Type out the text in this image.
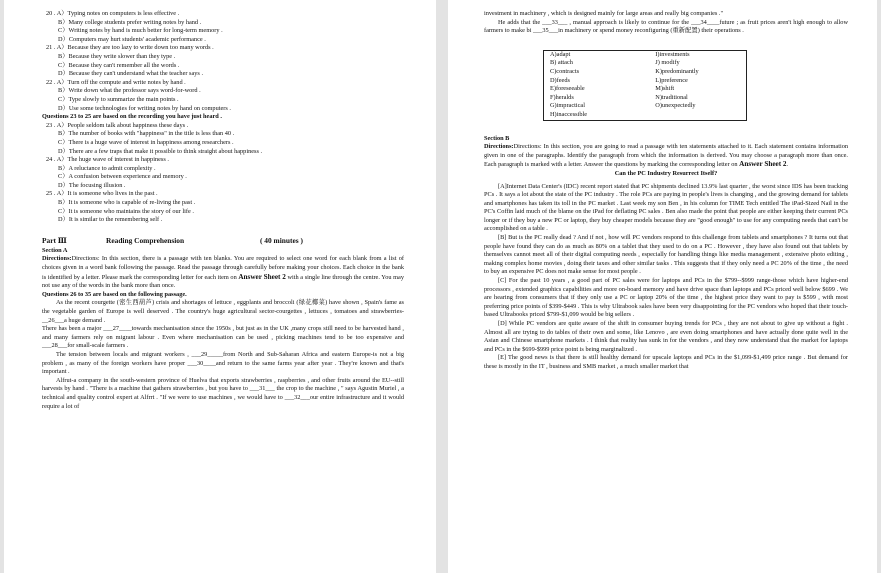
20 . A）Typing notes on computers is less effective .
B）Many college students prefer writing notes by hand .
C）Writing notes by hand is much better for long-term memory .
D）Computers may hurt students' academic performance .
21 . A）Because they are too lazy to write down too many words .
B）Because they write slower than they type .
C）Because they can't remember all the words .
D）Because they can't understand what the teacher says .
22 . A）Turn off the compute and write notes by hand .
B）Write down what the professor says word-for-word .
C）Type slowly to summarize the main points .
D）Use some technologies for writing notes by hand on computers .
Questions 23 to 25 are based on the recording you have just heard .
23 . A）People seldom talk about happiness these days .
B）The number of books with "happiness" in the title is less than 40 .
C）There is a huge wave of interest in happiness among researchers .
D）There are a few traps that make it possible to think straight about happiness .
24 . A）The huge wave of interest in happiness .
B）A reluctance to admit complexity .
C）A confusion between experience and memory .
D）The focusing illusion .
25 . A）It is someone who lives in the past .
B）It is someone who is capable of re-living the past .
C）It is someone who maintains the story of our life .
D）It is similar to the remembering self .
Part Ⅲ	Reading Comprehension	( 40 minutes )
Section A

Directions:Directions: In this section, there is a passage with ten blanks. You are required to select one word for each blank from a list of choices given in a word bank following the passage. Read the passage through carefully before making your choices. Each choice in the bank is identified by a letter. Please mark the corresponding letter for each item on Answer Sheet 2 with a single line through the centre. You may not use any of the words in the bank more than once.

Questions 26 to 35 are based on the following passage.

As the recent courgette (密生西葫芦) crisis and shortages of lettuce , eggplants and broccoli (绿花椰菜) have shown , Spain's fame as the vegetable garden of Europe is well deserved . The country's huge agricultural sector-courgettes , lettuces , tomatoes and strawberries-__26___a huge demand .

There has been a major ___27____towards mechanisation since the 1950s , but just as in the UK ,many crops still need to be harvested hand , and many farmers rely on migrant labour . Even where mechanisation can be used , picking machines tend to be too expensive and ___28___for small-scale farmers .

The tension between locals and migrant workers , ___29_____from North and Sub-Saharan Africa and eastern Europe-is not a big problem , as many of the foreign workers have proper ___30____and return to the same farms year after year . They're known and that's important .

Alfrut-a company in the south-western province of Huelva that exports strawberries , raspberries , and other fruits around the EU--still harvests by hand . "There is a machine that gathers strawberries , but you have to ___31___ the crop to the machine , " says Agustin Muriel , a technical and quality control expert at Alfrrt . "If we were to use machines , we would have to ___32___our entire infrastructure and it would require a lot of

investment in machinery , which is designed mainly for large areas and really big companies ."

He adds that the ___33___ , manual approach is likely to continue for the ___34____future ; as fruit prices aren't high enough to allow farmers to make bi ___35___in machinery or spend money reconfiguring (重新配置) their operations .

A)adapt	I)investments
B) attach	J) modify
C)contracts	K)predominantly
D)feeds	L)preference
E)foreseeable	M)shift
F)heralds	N)traditional
G)impractical	O)unexpectedly
H)inaccessible	
Section B

Directions:Directions: In this section, you are going to read a passage with ten statements attached to it. Each statement contains information given in one of the paragraphs. Identify the paragraph from which the information is derived. You may choose a paragraph more than once. Each paragraph is marked with a letter. Answer the questions by marking the corresponding letter on Answer Sheet 2.

Can the PC Industry Resurrect Itself?

[A]Internet Data Center's (IDC) recent report stated that PC shipments declined 13.9% last quarter , the worst since IDS has been tracking PCs . It says a lot about the state of the PC industry . The role PCs are paying in people's lives is changing , and the growing demand for tablets and smartphones has taken its toll in the PC market . Last week my son Ben , in his column for TIME Tech entitled The iPad-Sized Nail in the PC's Coffin laid much of the blame on the iPad for deflating PC sales . Ben also made the point that people are either keeping their current PCs longer or if they buy a new PC or laptop, they buy cheaper models because they are "good enough" to use for any computing needs that can't be accomplished on a table .

[B] But is the PC really dead ? And if not , how will PC vendors respond to this challenge from tablets and smartphones ? It turns out that people have found they can do as much as 80% on a tablet that they used to do on a PC . However , they have also found out that tablets by themselves cannot meet all of their digital computing needs , especially for handling things like media management , extensive photo editing , making complex home movies , doing their taxes and other similar tasks . This suggests that if they only need a PC 20% of the time , the need to buy an expensive PC does not make sense for most people .

[C] For the past 10 years , a good part of PC sales were for laptops and PCs in the $799--$999 range-those which have higher-end processors , extended graphics capabilities and more on-board memory and have drive space than laptops and PCs priced well below $699 . We are hearing from consumers that if they only use a PC or laptop 20% of the time , the highest price they want to pay is $599 , with most preferring price points of $399-$449 . This is why Ultrabook sales have been very disappointing for the PC vendors who hoped that their touch-based Ultrabooks priced $799-$1,099 would be big sellers .

[D] While PC vendors are quite aware of the shift in consumer buying trends for PCs , they are not about to give up without a fight . Almost all are trying to do tables of their own and some, like Lenovo , are even doing smartphones and have actually done quite well in the Asian and Chinese smartphone markets . I think that reality has sunk in for the vendors , and they now understand that the market for laptops and PCs in the $699-$999 price point is being marginalized .

[E] The good news is that there is still healthy demand for upscale laptops and PCs in the $1,099-$1,499 price range . But demand for these is mostly in the IT , business and SMB market , a much smaller market that
